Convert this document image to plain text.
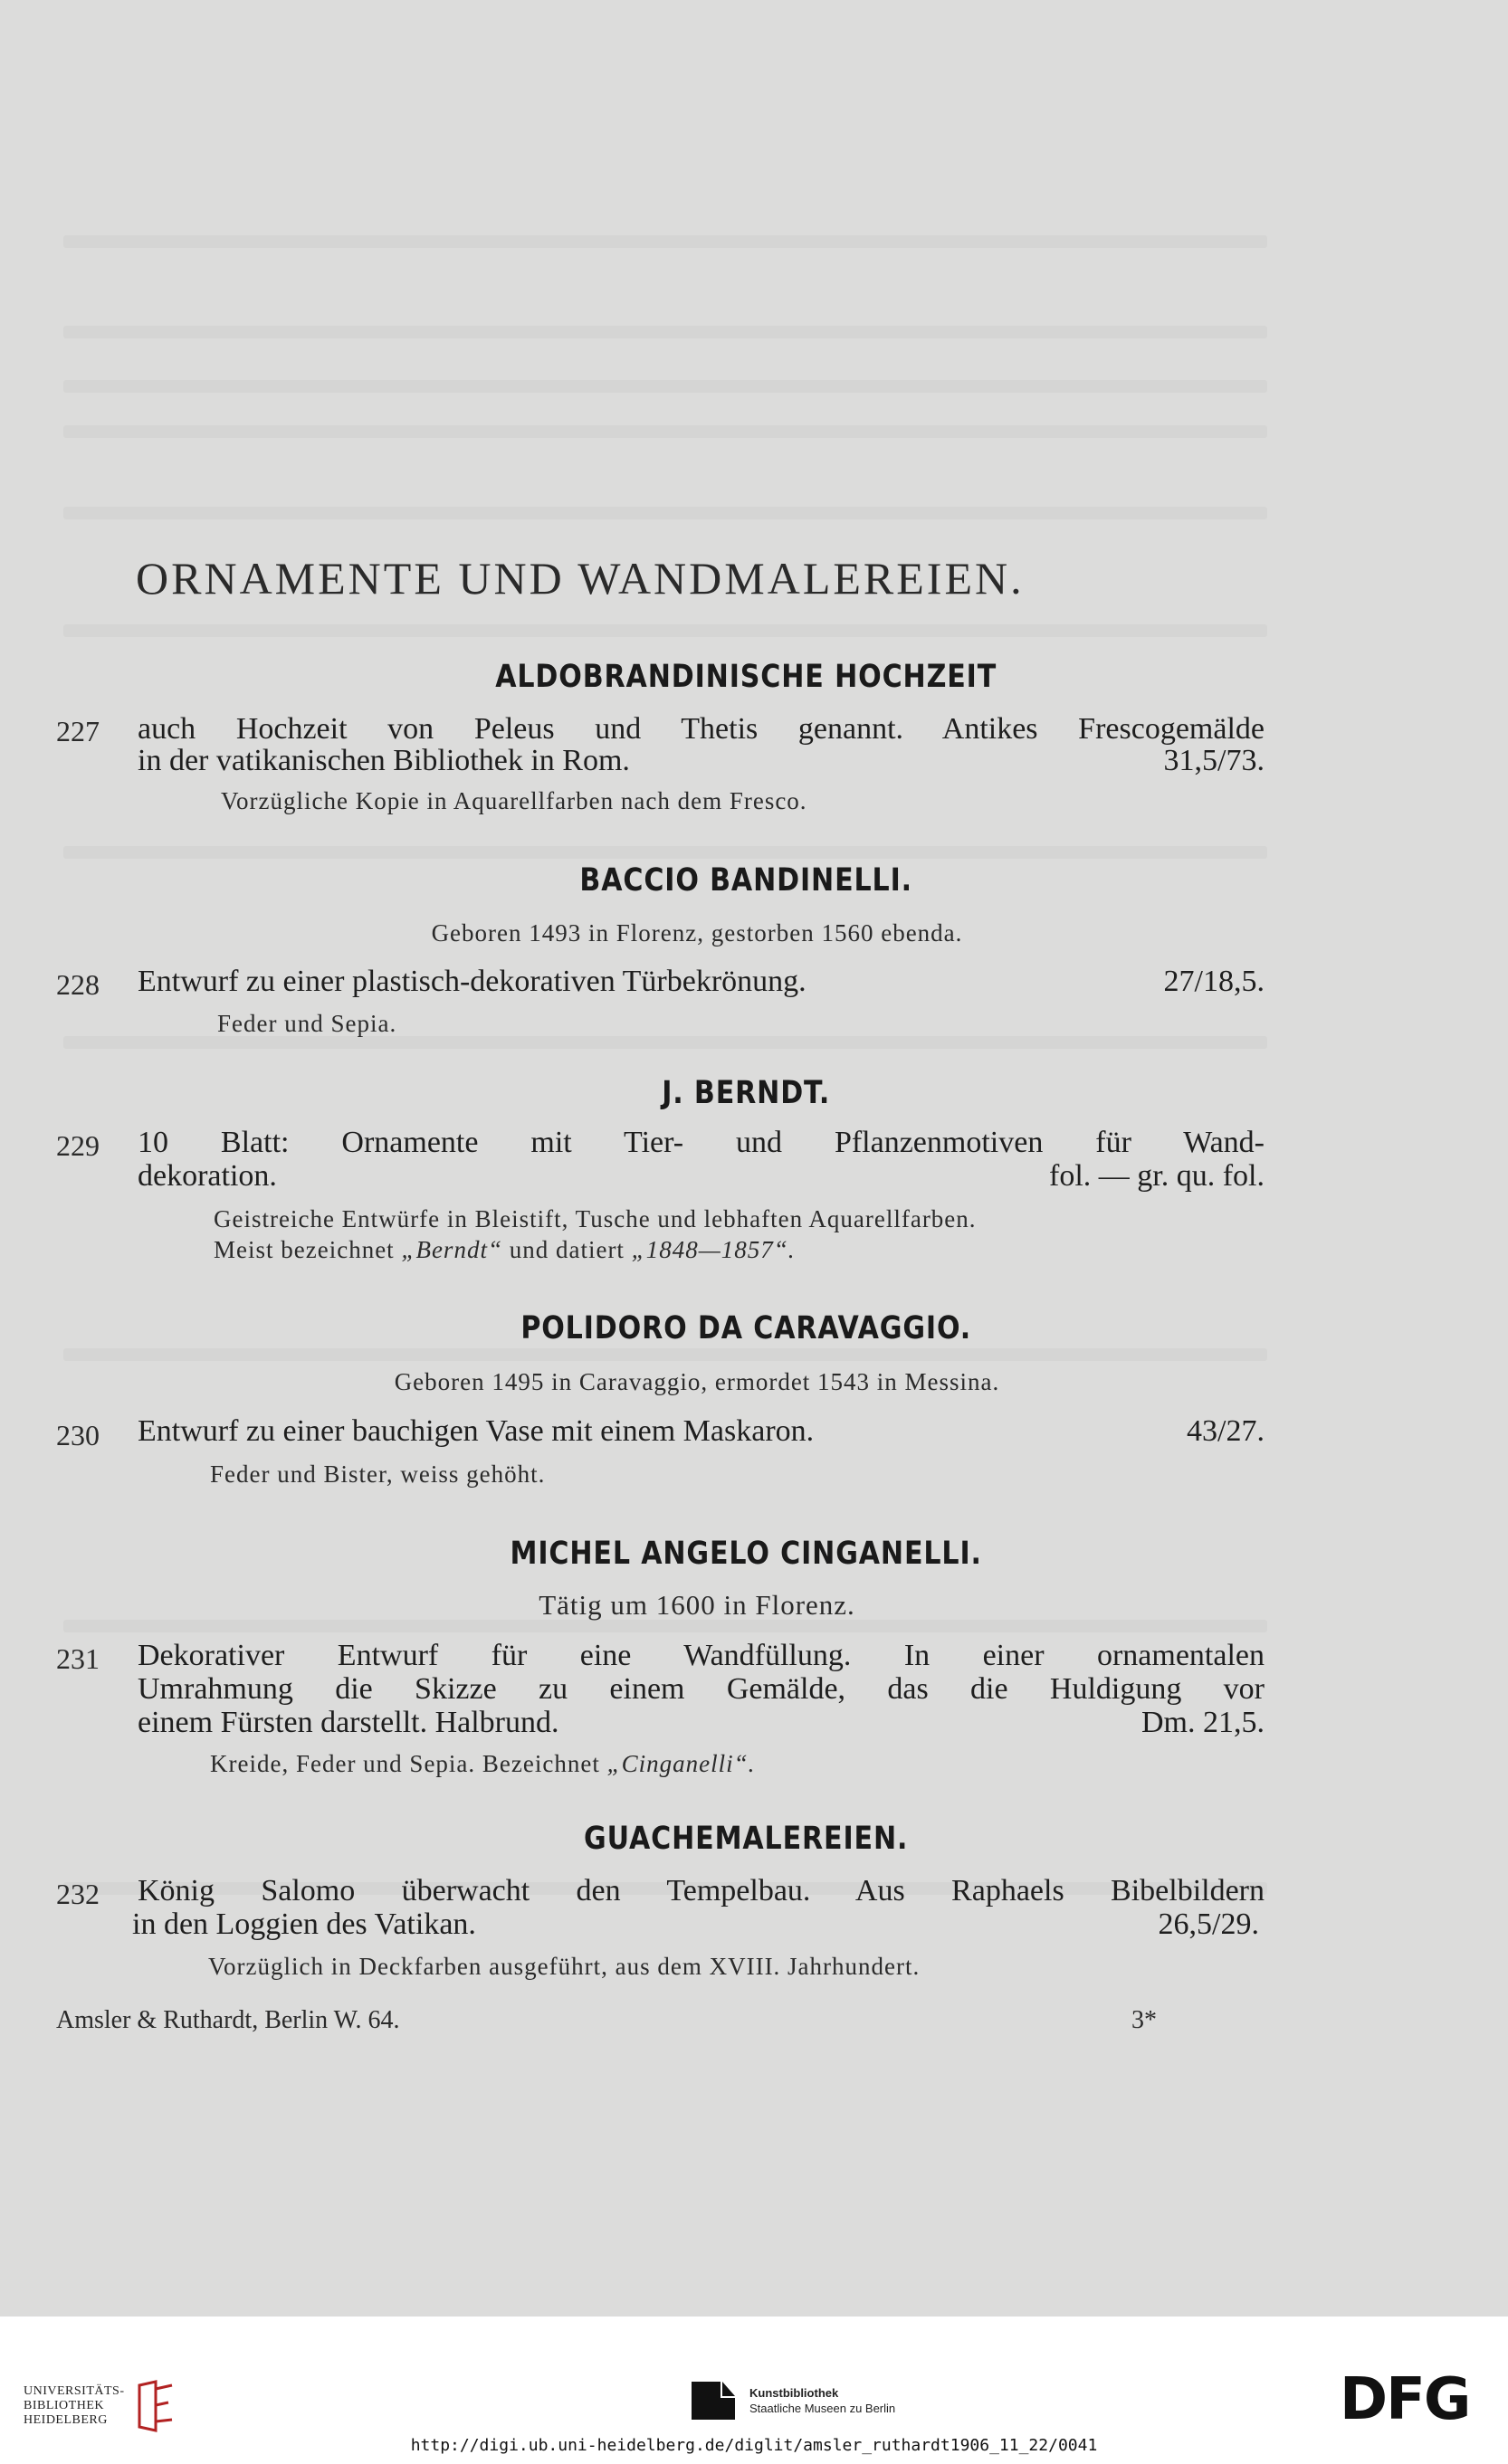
ORNAMENTE UND WANDMALEREIEN.
ALDOBRANDINISCHE HOCHZEIT
227	auch Hochzeit von Peleus und Thetis genannt. Antikes Frescogemälde

in der vatikanischen Bibliothek in Rom.	31,5/73.
Vorzügliche Kopie in Aquarellfarben nach dem Fresco.
BACCIO BANDINELLI.
Geboren 1493 in Florenz, gestorben 1560 ebenda.
228	Entwurf zu einer plastisch-dekorativen Türbekrönung.	27/18,5.
Feder und Sepia.
J. BERNDT.
229	10 Blatt: Ornamente mit Tier- und Pflanzenmotiven für Wand-

dekoration.	fol. — gr. qu. fol.
Geistreiche Entwürfe in Bleistift, Tusche und lebhaften Aquarellfarben.
Meist bezeichnet „Berndt“ und datiert „1848—1857“.
POLIDORO DA CARAVAGGIO.
Geboren 1495 in Caravaggio, ermordet 1543 in Messina.
230	Entwurf zu einer bauchigen Vase mit einem Maskaron.	43/27.
Feder und Bister, weiss gehöht.
MICHEL ANGELO CINGANELLI.
Tätig um 1600 in Florenz.
231	Dekorativer Entwurf für eine Wandfüllung. In einer ornamentalen

Umrahmung die Skizze zu einem Gemälde, das die Huldigung vor

einem Fürsten darstellt. Halbrund.	Dm. 21,5.
Kreide, Feder und Sepia. Bezeichnet „Cinganelli“.
GUACHEMALEREIEN.
232	König Salomo überwacht den Tempelbau. Aus Raphaels Bibelbildern

in den Loggien des Vatikan.	26,5/29.
Vorzüglich in Deckfarben ausgeführt, aus dem XVIII. Jahrhundert.
Amsler & Ruthardt, Berlin W. 64.	3*
UNIVERSITÄTS-
BIBLIOTHEK
HEIDELBERG
Kunstbibliothek
Staatliche Museen zu Berlin	DFG
http://digi.ub.uni-heidelberg.de/diglit/amsler_ruthardt1906_11_22/0041
